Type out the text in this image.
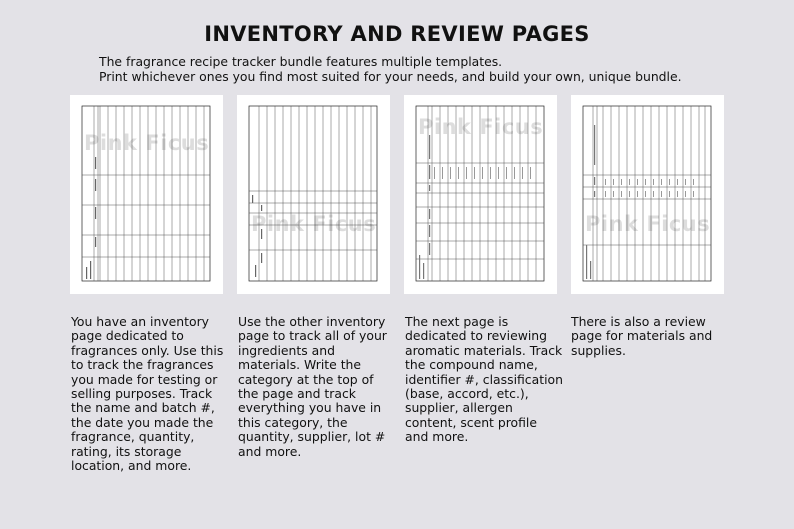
INVENTORY AND REVIEW PAGES
The fragrance recipe tracker bundle features multiple templates.
Print whichever ones you find most suited for your needs, and build your own, unique bundle.
Pink Ficus
Pink Ficus
Pink Ficus
Pink Ficus
You have an inventory page dedicated to fragrances only. Use this to track the fragrances you made for testing or selling purposes. Track the name and batch #, the date you made the fragrance, quantity, rating, its storage location, and more.
Use the other inventory page to track all of your ingredients and materials. Write the category at the top of the page and track everything you have in this category, the quantity, supplier, lot # and more.
The next page is dedicated to reviewing aromatic materials. Track the compound name, identifier #, classification (base, accord, etc.), supplier, allergen content, scent profile and more.
There is also a review page for materials and supplies.
